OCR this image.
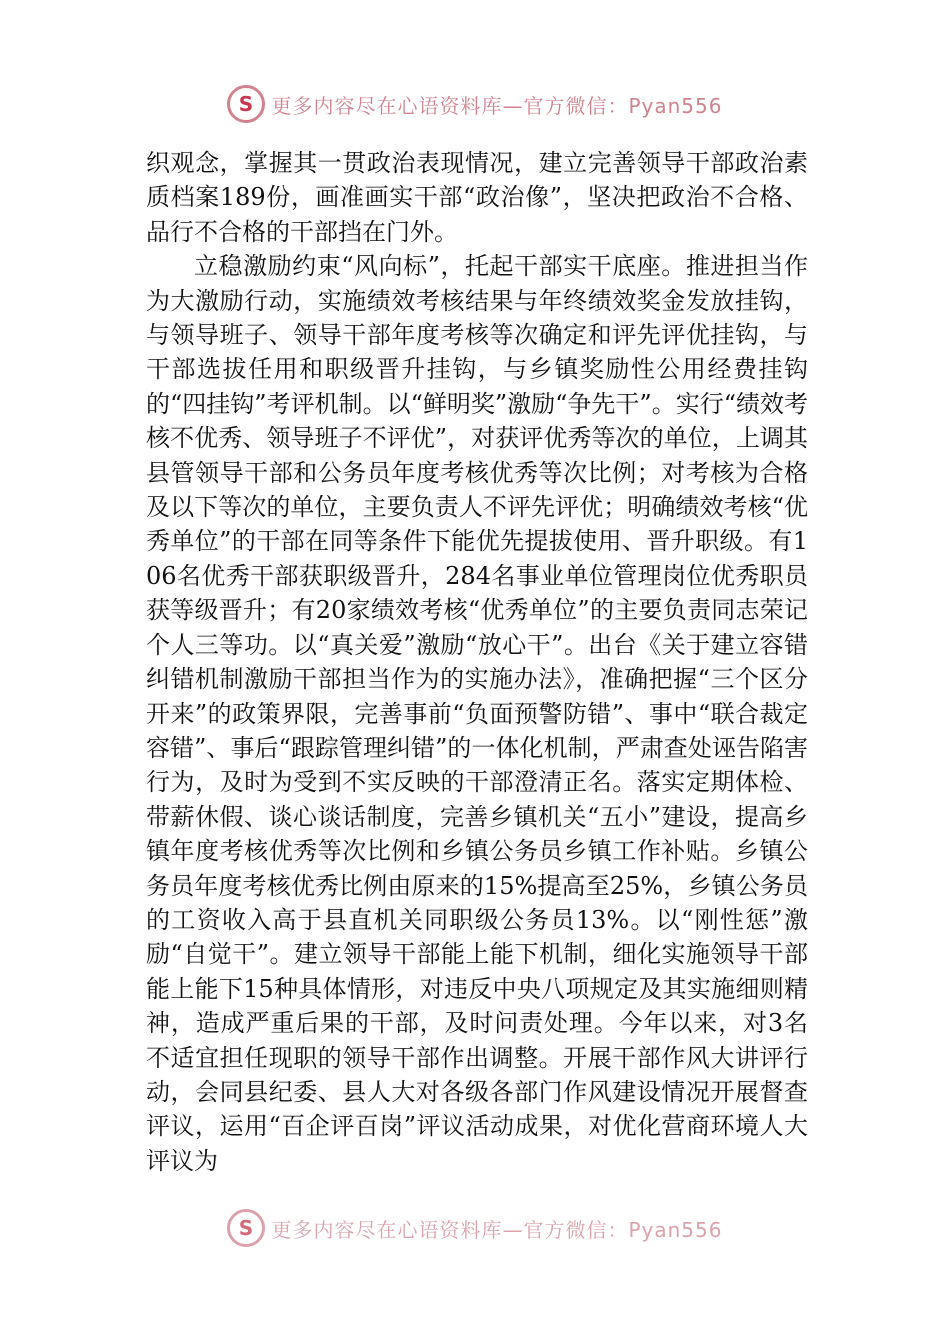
S 更多内容尽在心语资料库—官方微信：Pyan556

织观念，掌握其一贯政治表现情况，建立完善领导干部政治素质档案189份，画准画实干部“政治像”，坚决把政治不合格、品行不合格的干部挡在门外。

立稳激励约束“风向标”，托起干部实干底座。推进担当作为大激励行动，实施绩效考核结果与年终绩效奖金发放挂钩，与领导班子、领导干部年度考核等次确定和评先评优挂钩，与干部选拔任用和职级晋升挂钩，与乡镇奖励性公用经费挂钩的“四挂钩”考评机制。以“鲜明奖”激励“争先干”。实行“绩效考核不优秀、领导班子不评优”，对获评优秀等次的单位，上调其县管领导干部和公务员年度考核优秀等次比例；对考核为合格及以下等次的单位，主要负责人不评先评优；明确绩效考核“优秀单位”的干部在同等条件下能优先提拔使用、晋升职级。有106名优秀干部获职级晋升，284名事业单位管理岗位优秀职员获等级晋升；有20家绩效考核“优秀单位”的主要负责同志荣记个人三等功。以“真关爱”激励“放心干”。出台《关于建立容错纠错机制激励干部担当作为的实施办法》，准确把握“三个区分开来”的政策界限，完善事前“负面预警防错”、事中“联合裁定容错”、事后“跟踪管理纠错”的一体化机制，严肃查处诬告陷害行为，及时为受到不实反映的干部澄清正名。落实定期体检、带薪休假、谈心谈话制度，完善乡镇机关“五小”建设，提高乡镇年度考核优秀等次比例和乡镇公务员乡镇工作补贴。乡镇公务员年度考核优秀比例由原来的15%提高至25%，乡镇公务员的工资收入高于县直机关同职级公务员13%。以“刚性惩”激励“自觉干”。建立领导干部能上能下机制，细化实施领导干部能上能下15种具体情形，对违反中央八项规定及其实施细则精神，造成严重后果的干部，及时问责处理。今年以来，对3名不适宜担任现职的领导干部作出调整。开展干部作风大讲评行动，会同县纪委、县人大对各级各部门作风建设情况开展督查评议，运用“百企评百岗”评议活动成果，对优化营商环境人大评议为

S 更多内容尽在心语资料库—官方微信：Pyan556
